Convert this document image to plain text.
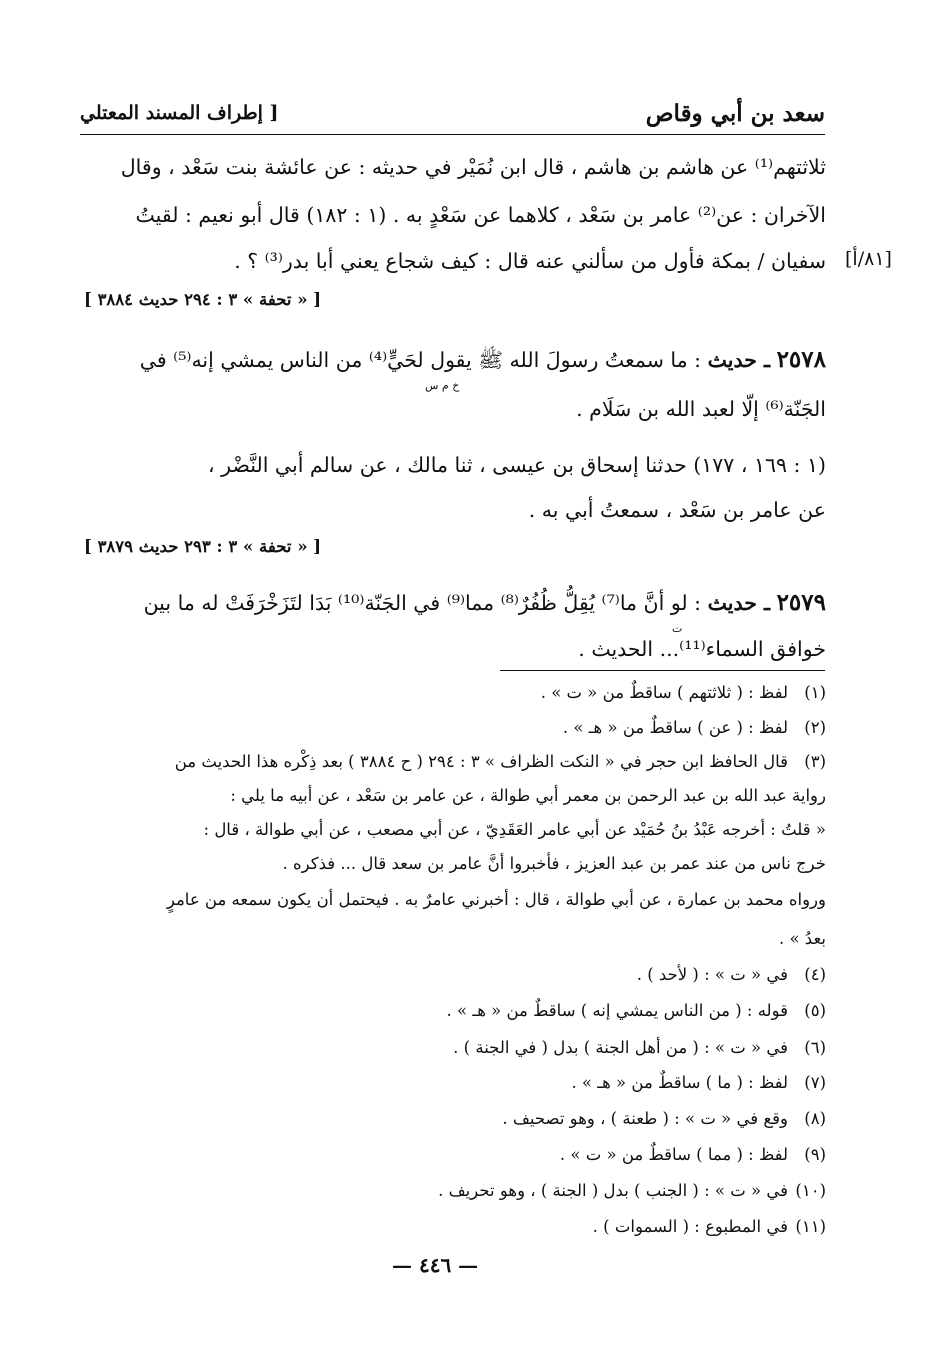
سعد بن أبي وقاص
[ إطراف المسند المعتلي
ثلاثتهم⁽¹⁾ عن هاشم بن هاشم ، قال ابن نُمَيْر في حديثه : عن عائشة بنت سَعْد ، وقال
الآخران : عن⁽²⁾ عامر بن سَعْد ، كلاهما عن سَعْدٍ به . (١ : ١٨٢) قال أبو نعيم : لقيتُ
سفيان / بمكة فأول من سألني عنه قال : كيف شجاع يعني أبا بدر⁽³⁾ ؟ . [٨١/أ]
[ « تحفة » ٣ : ٢٩٤ حديث ٣٨٨٤ ]
٢٥٧٨ ـ حديث : ما سمعتُ رسولَ الله ﷺ يقول لحَيٍّ⁽⁴⁾ من الناس يمشي إنه⁽⁵⁾ في
خ م س
الجَنّة⁽⁶⁾ إلّا لعبد الله بن سَلَام .
(١ : ١٦٩ ، ١٧٧) حدثنا إسحاق بن عيسى ، ثنا مالك ، عن سالم أبي النَّضْر ،
عن عامر بن سَعْد ، سمعتُ أبي به .
[ « تحفة » ٣ : ٢٩٣ حديث ٣٨٧٩ ]
٢٥٧٩ ـ حديث : لو أنَّ ما⁽⁷⁾ يُقِلُّ ظُفُرٌ⁽⁸⁾ مما⁽⁹⁾ في الجَنّة⁽¹⁰⁾ بَدَا لتَزَخْرَفَتْ له ما بين
ت
خوافق السماء⁽¹¹⁾... الحديث .
(١)لفظ : ( ثلاثتهم ) ساقطٌ من « ت » .
(٢)لفظ : ( عن ) ساقطٌ من « هـ » .
(٣)قال الحافظ ابن حجر في « النكت الظراف » ٣ : ٢٩٤ ( ح ٣٨٨٤ ) بعد ذِكْره هذا الحديث من
رواية عبد الله بن عبد الرحمن بن معمر أبي طوالة ، عن عامر بن سَعْد ، عن أبيه ما يلي :
« قلتُ : أخرجه عَبْدُ بنُ حُمَيْد عن أبي عامر العَقَدِيّ ، عن أبي مصعب ، عن أبي طوالة ، قال :
خرج ناس من عند عمر بن عبد العزيز ، فأخبروا أنَّ عامر بن سعد قال ... فذكره .
ورواه محمد بن عمارة ، عن أبي طوالة ، قال : أخبرني عامرٌ به . فيحتمل أن يكون سمعه من عامرٍ
بعدُ » .
(٤)في « ت » : ( لأحد ) .
(٥)قوله : ( من الناس يمشي إنه ) ساقطٌ من « هـ » .
(٦)في « ت » : ( من أهل الجنة ) بدل ( في الجنة ) .
(٧)لفظ : ( ما ) ساقطٌ من « هـ » .
(٨)وقع في « ت » : ( طعنة ) ، وهو تصحيف .
(٩)لفظ : ( مما ) ساقطٌ من « ت » .
(١٠)في « ت » : ( الجنب ) بدل ( الجنة ) ، وهو تحريف .
(١١)في المطبوع : ( السموات ) .
— ٤٤٦ —
